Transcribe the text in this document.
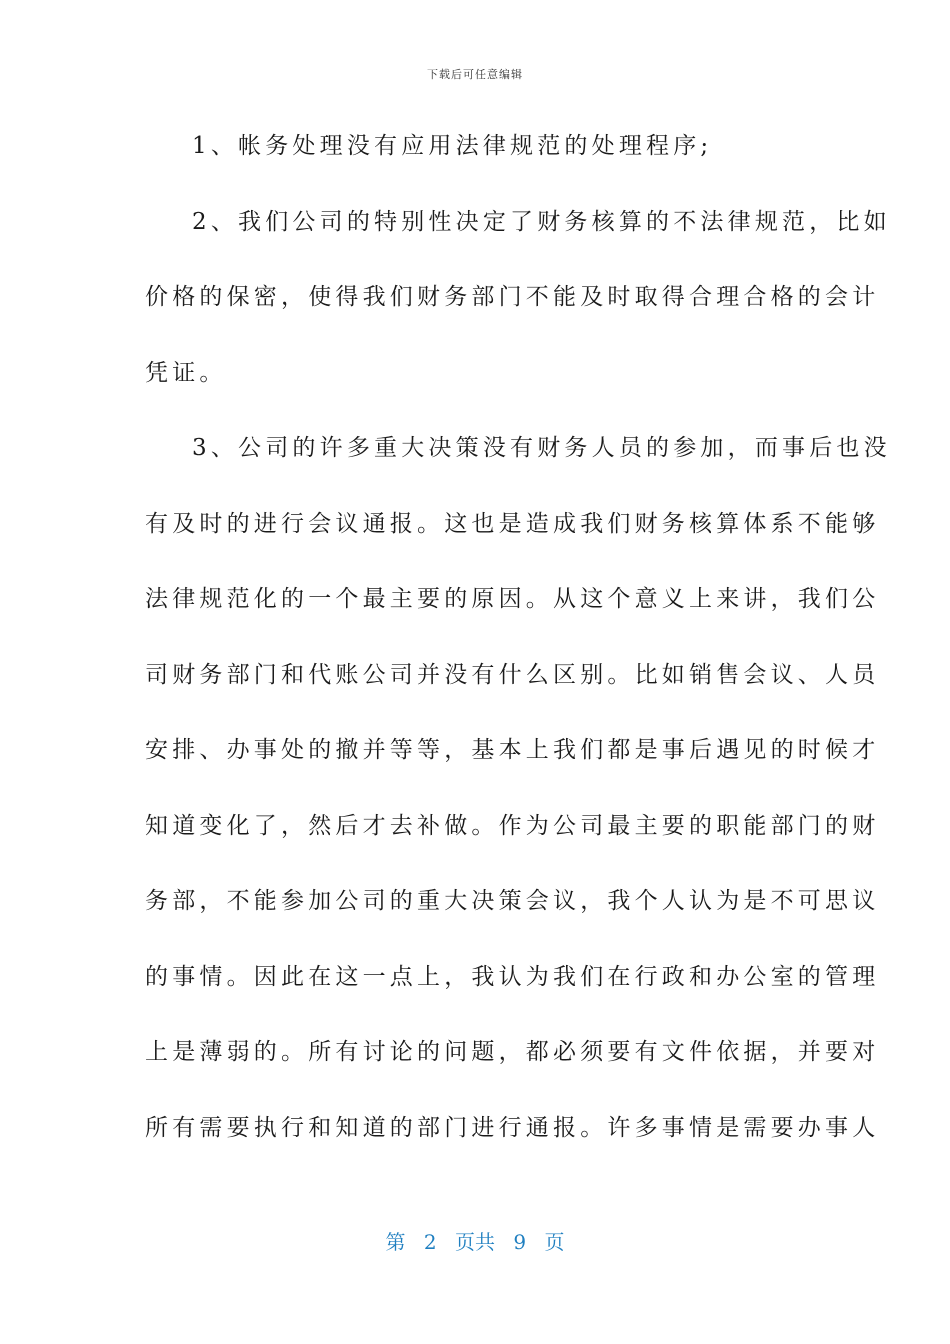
下载后可任意编辑
1、帐务处理没有应用法律规范的处理程序;
2、我们公司的特别性决定了财务核算的不法律规范，比如
价格的保密，使得我们财务部门不能及时取得合理合格的会计
凭证。
3、公司的许多重大决策没有财务人员的参加，而事后也没
有及时的进行会议通报。这也是造成我们财务核算体系不能够
法律规范化的一个最主要的原因。从这个意义上来讲，我们公
司财务部门和代账公司并没有什么区别。比如销售会议、人员
安排、办事处的撤并等等，基本上我们都是事后遇见的时候才
知道变化了，然后才去补做。作为公司最主要的职能部门的财
务部，不能参加公司的重大决策会议，我个人认为是不可思议
的事情。因此在这一点上，我认为我们在行政和办公室的管理
上是薄弱的。所有讨论的问题，都必须要有文件依据，并要对
所有需要执行和知道的部门进行通报。许多事情是需要办事人
第 2 页共 9 页
